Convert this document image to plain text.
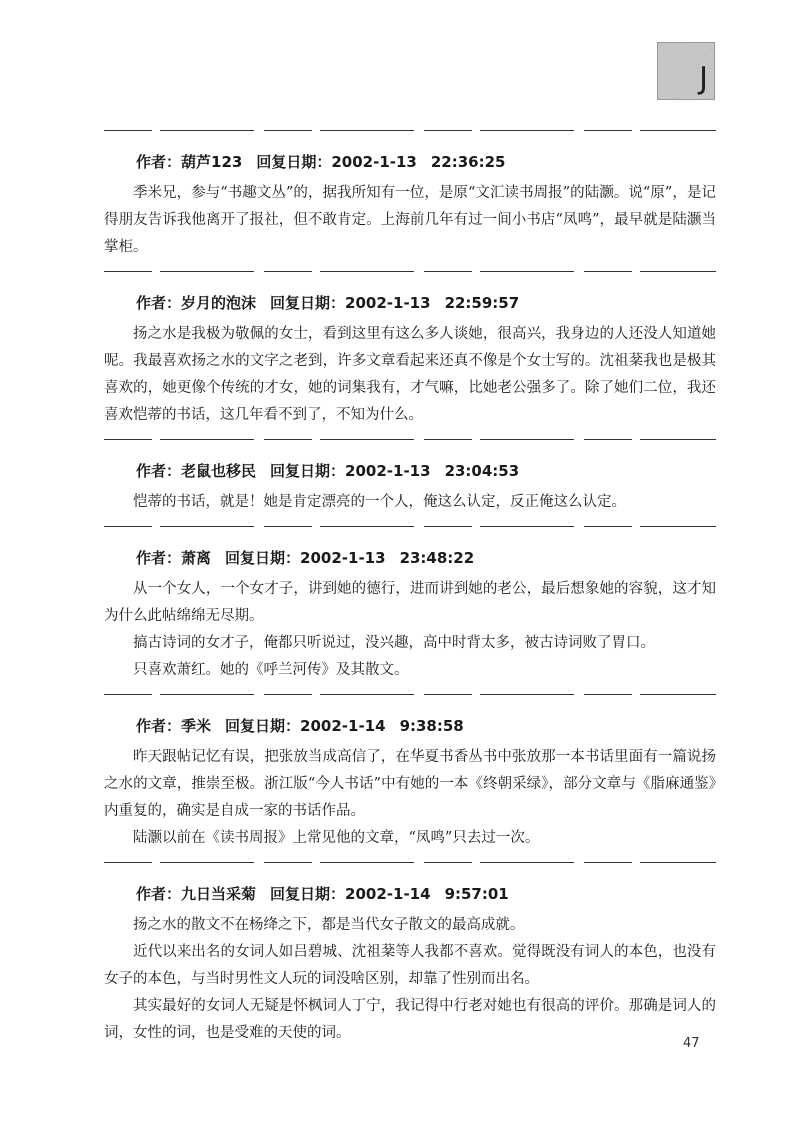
J
作者：葫芦123 回复日期：2002-1-13 22:36:25

季米兄，参与“书趣文丛”的，据我所知有一位，是原“文汇读书周报”的陆灏。说“原”，是记得朋友告诉我他离开了报社，但不敢肯定。上海前几年有过一间小书店“凤鸣”，最早就是陆灏当掌柜。

作者：岁月的泡沫 回复日期：2002-1-13 22:59:57

扬之水是我极为敬佩的女士，看到这里有这么多人谈她，很高兴，我身边的人还没人知道她呢。我最喜欢扬之水的文字之老到，许多文章看起来还真不像是个女士写的。沈祖棻我也是极其喜欢的，她更像个传统的才女，她的词集我有，才气嘛，比她老公强多了。除了她们二位，我还喜欢恺蒂的书话，这几年看不到了，不知为什么。

作者：老鼠也移民 回复日期：2002-1-13 23:04:53

恺蒂的书话，就是！她是肯定漂亮的一个人，俺这么认定，反正俺这么认定。

作者：萧离 回复日期：2002-1-13 23:48:22

从一个女人，一个女才子，讲到她的德行，进而讲到她的老公，最后想象她的容貌，这才知为什么此帖绵绵无尽期。

搞古诗词的女才子，俺都只听说过，没兴趣，高中时背太多，被古诗词败了胃口。

只喜欢萧红。她的《呼兰河传》及其散文。

作者：季米 回复日期：2002-1-14 9:38:58

昨天跟帖记忆有误，把张放当成高信了，在华夏书香丛书中张放那一本书话里面有一篇说扬之水的文章，推崇至极。浙江版“今人书话”中有她的一本《终朝采绿》，部分文章与《脂麻通鉴》内重复的，确实是自成一家的书话作品。

陆灏以前在《读书周报》上常见他的文章，“凤鸣”只去过一次。

作者：九日当采菊 回复日期：2002-1-14 9:57:01

扬之水的散文不在杨绛之下，都是当代女子散文的最高成就。

近代以来出名的女词人如吕碧城、沈祖棻等人我都不喜欢。觉得既没有词人的本色，也没有女子的本色，与当时男性文人玩的词没啥区别，却靠了性别而出名。

其实最好的女词人无疑是怀枫词人丁宁，我记得中行老对她也有很高的评价。那确是词人的词，女性的词，也是受难的天使的词。

47
